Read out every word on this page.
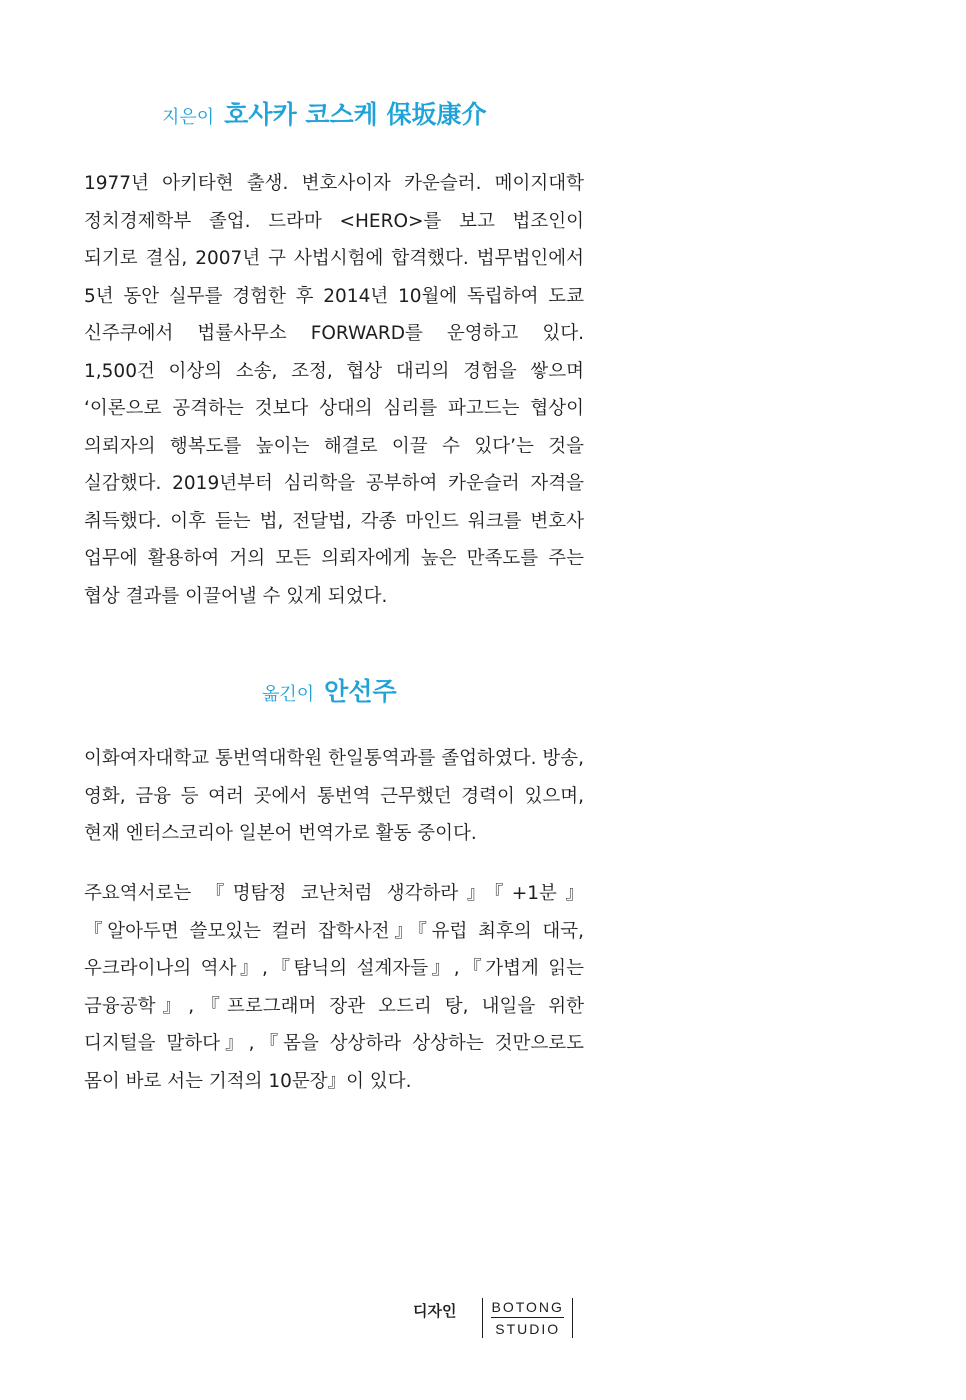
지은이 호사카 코스케 保坂康介

1977년 아키타현 출생. 변호사이자 카운슬러. 메이지대학 정치경제학부 졸업. 드라마 <HERO>를 보고 법조인이 되기로 결심, 2007년 구 사법시험에 합격했다. 법무법인에서 5년 동안 실무를 경험한 후 2014년 10월에 독립하여 도쿄 신주쿠에서 법률사무소 FORWARD를 운영하고 있다. 1,500건 이상의 소송, 조정, 협상 대리의 경험을 쌓으며 ‘이론으로 공격하는 것보다 상대의 심리를 파고드는 협상이 의뢰자의 행복도를 높이는 해결로 이끌 수 있다’는 것을 실감했다. 2019년부터 심리학을 공부하여 카운슬러 자격을 취득했다. 이후 듣는 법, 전달법, 각종 마인드 워크를 변호사 업무에 활용하여 거의 모든 의뢰자에게 높은 만족도를 주는 협상 결과를 이끌어낼 수 있게 되었다.

옮긴이 안선주

이화여자대학교 통번역대학원 한일통역과를 졸업하였다. 방송, 영화, 금융 등 여러 곳에서 통번역 근무했던 경력이 있으며, 현재 엔터스코리아 일본어 번역가로 활동 중이다.

주요역서로는 『명탐정 코난처럼 생각하라』『+1분』『알아두면 쓸모있는 컬러 잡학사전』『유럽 최후의 대국, 우크라이나의 역사』,『탐닉의 설계자들』,『가볍게 읽는 금융공학』,『프로그래머 장관 오드리 탕, 내일을 위한 디지털을 말하다』,『몸을 상상하라 상상하는 것만으로도 몸이 바로 서는 기적의 10문장』이 있다.

디자인	BOTONG
STUDIO
